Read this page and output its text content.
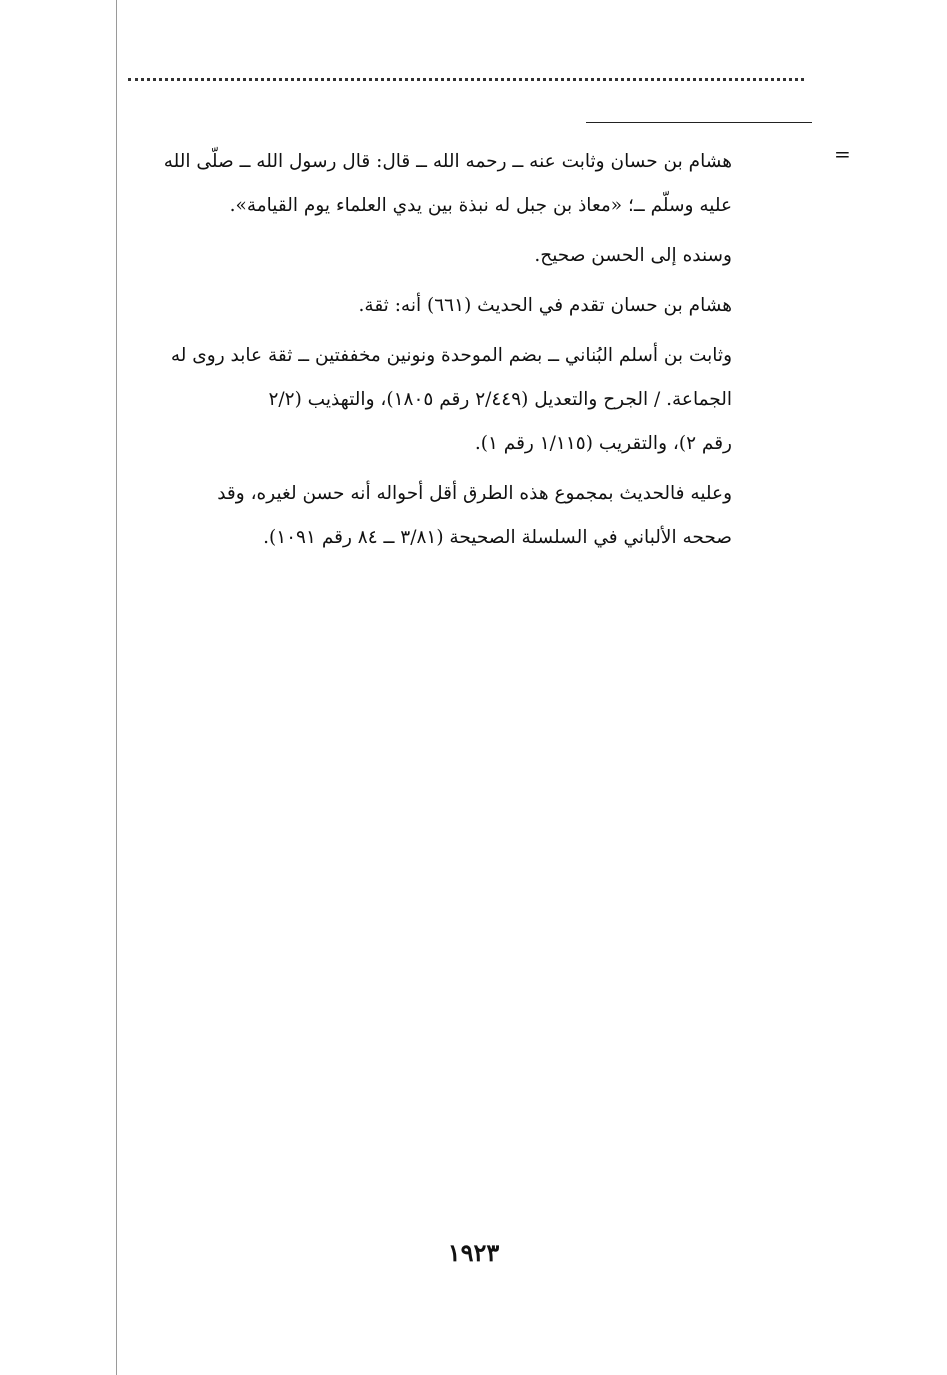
=

هشام بن حسان وثابت عنه ــ رحمه الله ــ قال: قال رسول الله ــ صلّى الله
عليه وسلّم ــ؛ «معاذ بن جبل له نبذة بين يدي العلماء يوم القيامة».

وسنده إلى الحسن صحيح.

هشام بن حسان تقدم في الحديث (٦٦١) أنه: ثقة.

وثابت بن أسلم البُناني ــ بضم الموحدة ونونين مخففتين ــ ثقة عابد روى له
الجماعة. / الجرح والتعديل (٢/٤٤٩ رقم ١٨٠٥)، والتهذيب (٢/٢
رقم ٢)، والتقريب (١/١١٥ رقم ١).

وعليه فالحديث بمجموع هذه الطرق أقل أحواله أنه حسن لغيره، وقد
صححه الألباني في السلسلة الصحيحة (٣/٨١ ــ ٨٤ رقم ١٠٩١).

١٩٢٣
